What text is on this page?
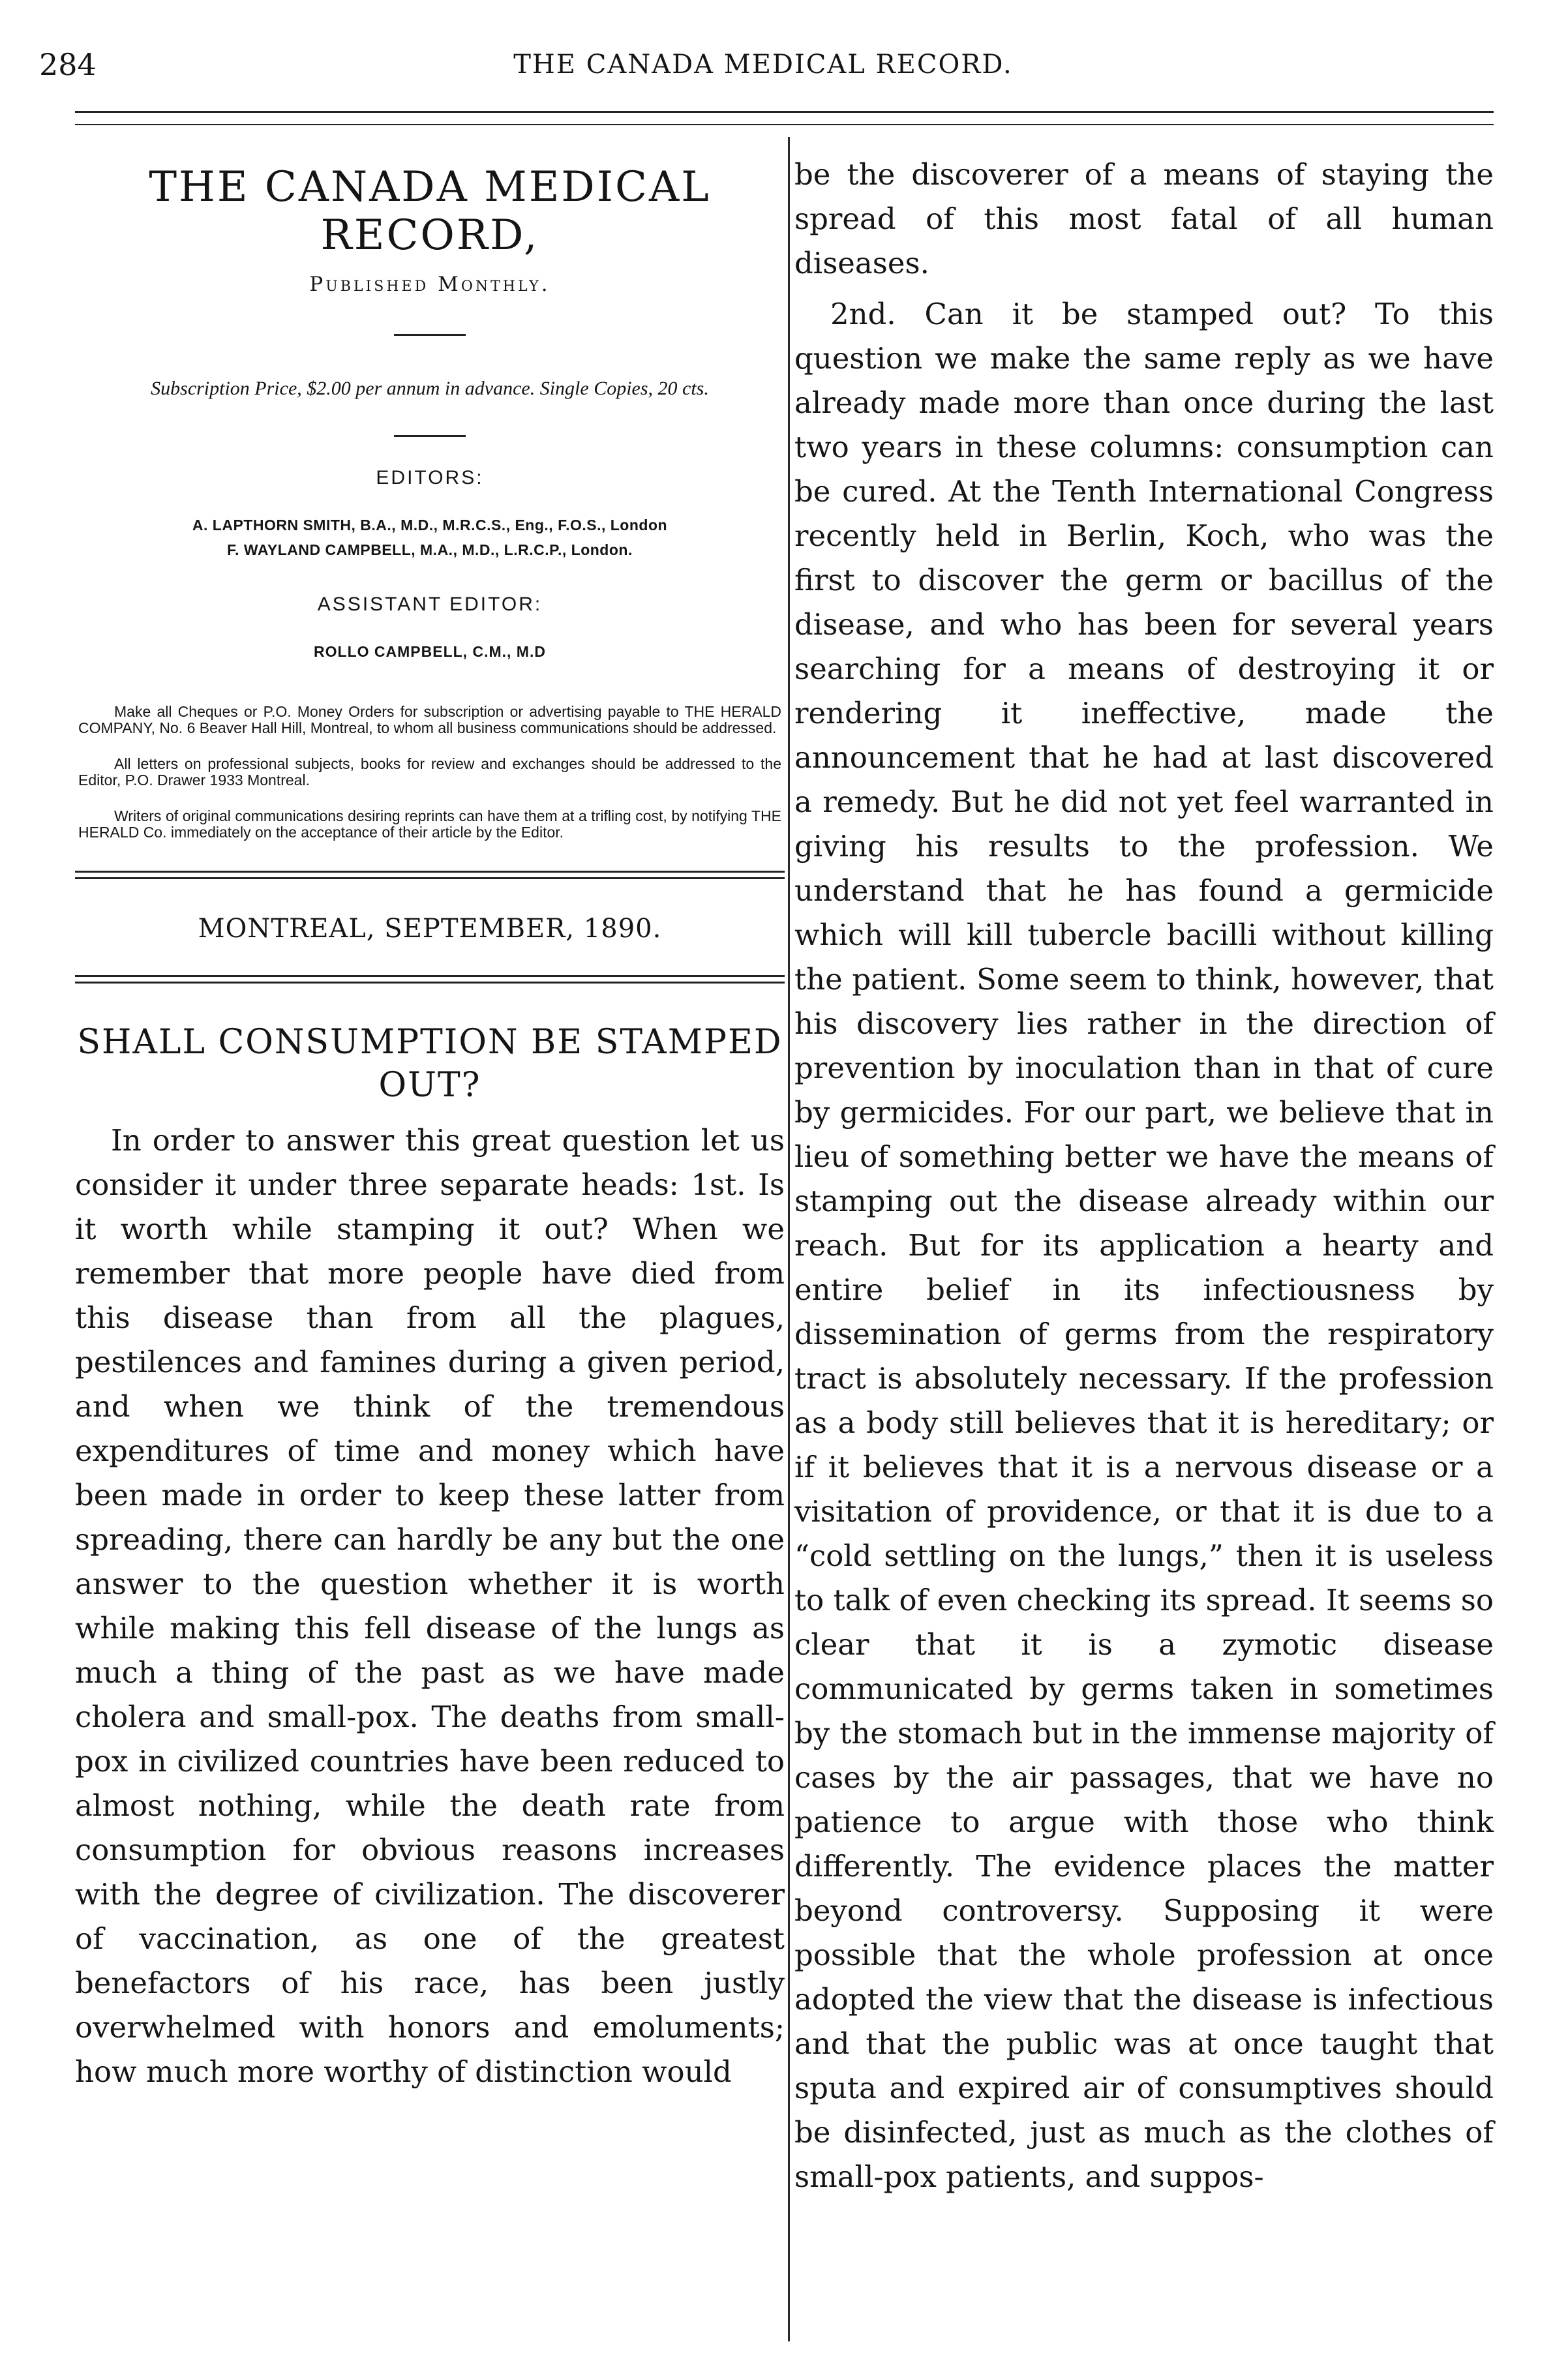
284	THE CANADA MEDICAL RECORD.
THE CANADA MEDICAL RECORD,
Published Monthly.
Subscription Price, $2.00 per annum in advance. Single Copies, 20 cts.
EDITORS:
A. LAPTHORN SMITH, B.A., M.D., M.R.C.S., Eng., F.O.S., London
F. WAYLAND CAMPBELL, M.A., M.D., L.R.C.P., London.
ASSISTANT EDITOR:
ROLLO CAMPBELL, C.M., M.D
Make all Cheques or P.O. Money Orders for subscription or advertising payable to THE HERALD COMPANY, No. 6 Beaver Hall Hill, Montreal, to whom all business communications should be addressed.
All letters on professional subjects, books for review and exchanges should be addressed to the Editor, P.O. Drawer 1933 Montreal.
Writers of original communications desiring reprints can have them at a trifling cost, by notifying THE HERALD Co. immediately on the acceptance of their article by the Editor.
MONTREAL, SEPTEMBER, 1890.
SHALL CONSUMPTION BE STAMPED OUT?
In order to answer this great question let us consider it under three separate heads: 1st. Is it worth while stamping it out? When we remember that more people have died from this disease than from all the plagues, pestilences and famines during a given period, and when we think of the tremendous expenditures of time and money which have been made in order to keep these latter from spreading, there can hardly be any but the one answer to the question whether it is worth while making this fell disease of the lungs as much a thing of the past as we have made cholera and small-pox. The deaths from small-pox in civilized countries have been reduced to almost nothing, while the death rate from consumption for obvious reasons increases with the degree of civilization. The discoverer of vaccination, as one of the greatest benefactors of his race, has been justly overwhelmed with honors and emoluments; how much more worthy of distinction would
be the discoverer of a means of staying the spread of this most fatal of all human diseases.
2nd. Can it be stamped out? To this question we make the same reply as we have already made more than once during the last two years in these columns: consumption can be cured. At the Tenth International Congress recently held in Berlin, Koch, who was the first to discover the germ or bacillus of the disease, and who has been for several years searching for a means of destroying it or rendering it ineffective, made the announcement that he had at last discovered a remedy. But he did not yet feel warranted in giving his results to the profession. We understand that he has found a germicide which will kill tubercle bacilli without killing the patient. Some seem to think, however, that his discovery lies rather in the direction of prevention by inoculation than in that of cure by germicides. For our part, we believe that in lieu of something better we have the means of stamping out the disease already within our reach. But for its application a hearty and entire belief in its infectiousness by dissemination of germs from the respiratory tract is absolutely necessary. If the profession as a body still believes that it is hereditary; or if it believes that it is a nervous disease or a visitation of providence, or that it is due to a “cold settling on the lungs,” then it is useless to talk of even checking its spread. It seems so clear that it is a zymotic disease communicated by germs taken in sometimes by the stomach but in the immense majority of cases by the air passages, that we have no patience to argue with those who think differently. The evidence places the matter beyond controversy. Supposing it were possible that the whole profession at once adopted the view that the disease is infectious and that the public was at once taught that sputa and expired air of consumptives should be disinfected, just as much as the clothes of small-pox patients, and suppos-
